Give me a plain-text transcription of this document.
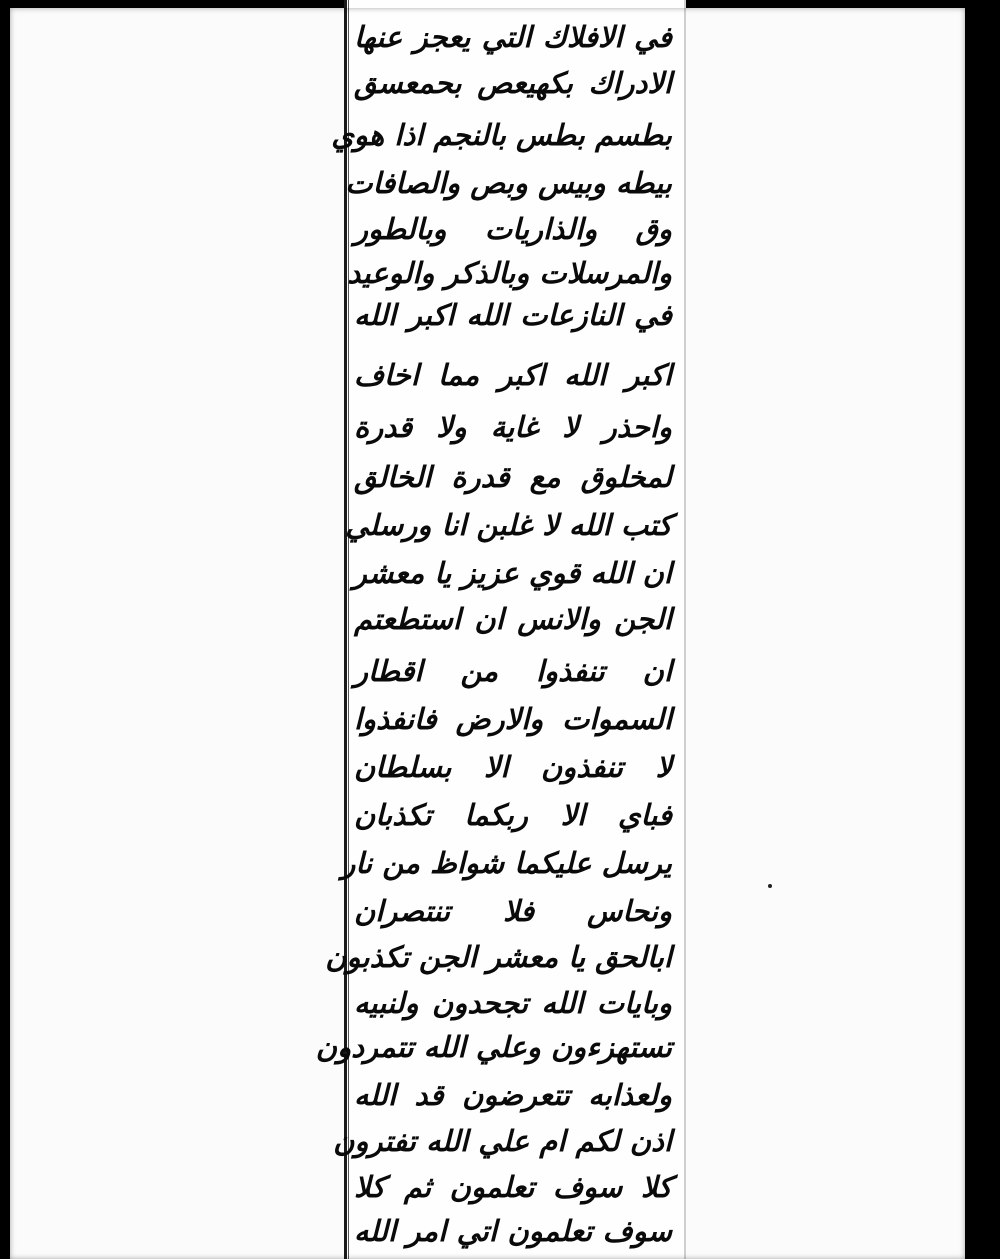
في الافلاك التي يعجز عنها
الادراك بكهيعص بحمعسق
بطسم بطس بالنجم اذا هوي
بيطه وبيس وبص والصافات
وق والذاريات وبالطور
والمرسلات وبالذكر والوعيد
في النازعات الله اكبر الله
اكبر الله اكبر مما اخاف
واحذر لا غاية ولا قدرة
لمخلوق مع قدرة الخالق
كتب الله لا غلبن انا ورسلي
ان الله قوي عزيز يا معشر
الجن والانس ان استطعتم
ان تنفذوا من اقطار
السموات والارض فانفذوا
لا تنفذون الا بسلطان
فباي الا ربكما تكذبان
يرسل عليكما شواظ من نار
ونحاس فلا تنتصران
ابالحق يا معشر الجن تكذبون
وبايات الله تجحدون ولنبيه
تستهزءون وعلي الله تتمردون
ولعذابه تتعرضون قد الله
اذن لكم ام علي الله تفترون
كلا سوف تعلمون ثم كلا
سوف تعلمون اتي امر الله
